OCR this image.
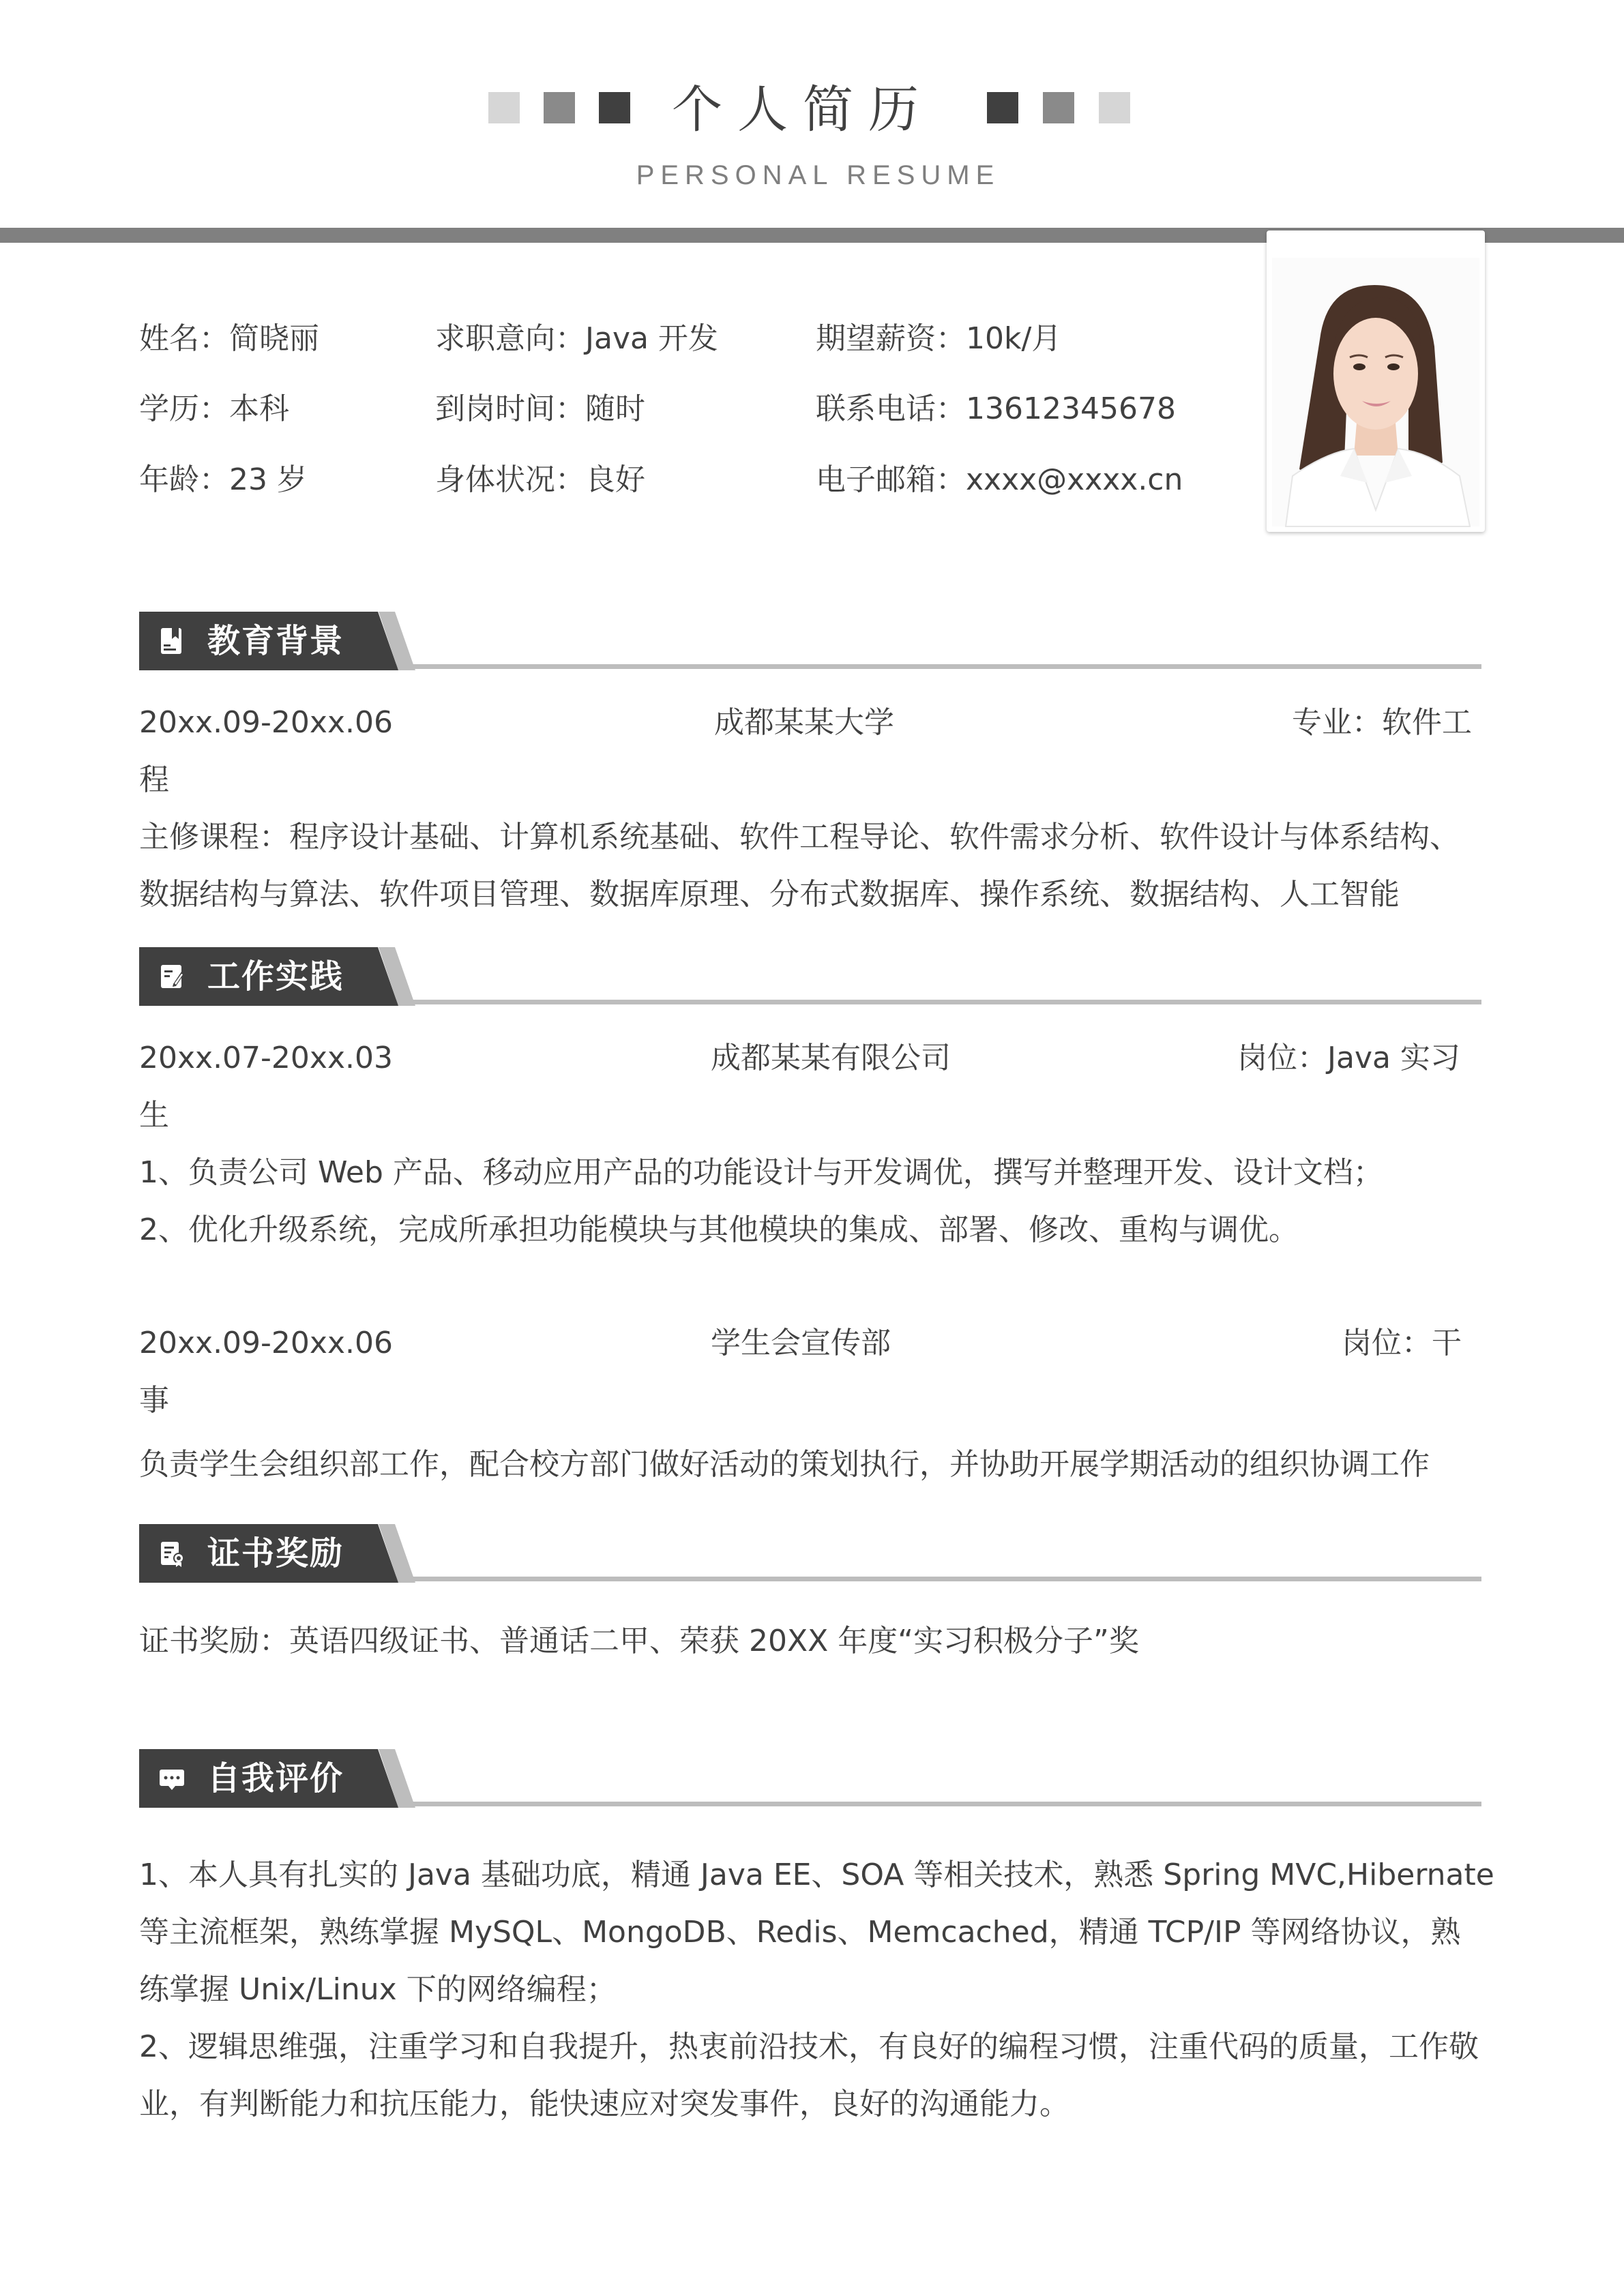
个人简历
PERSONAL RESUME
姓名：简晓丽	求职意向：Java 开发	期望薪资：10k/月
学历：本科	到岗时间：随时	联系电话：13612345678
年龄：23 岁	身体状况：良好	电子邮箱：xxxx@xxxx.cn
教育背景
20xx.09-20xx.06	成都某某大学	专业：软件工
程
主修课程：程序设计基础、计算机系统基础、软件工程导论、软件需求分析、软件设计与体系结构、
数据结构与算法、软件项目管理、数据库原理、分布式数据库、操作系统、数据结构、人工智能
工作实践
20xx.07-20xx.03	成都某某有限公司	岗位：Java 实习
生
1、负责公司 Web 产品、移动应用产品的功能设计与开发调优，撰写并整理开发、设计文档；
2、优化升级系统，完成所承担功能模块与其他模块的集成、部署、修改、重构与调优。
20xx.09-20xx.06	学生会宣传部	岗位：干
事
负责学生会组织部工作，配合校方部门做好活动的策划执行，并协助开展学期活动的组织协调工作
证书奖励
证书奖励：英语四级证书、普通话二甲、荣获 20XX 年度“实习积极分子”奖
自我评价
1、本人具有扎实的 Java 基础功底，精通 Java EE、SOA 等相关技术，熟悉 Spring MVC,Hibernate
等主流框架，熟练掌握 MySQL、MongoDB、Redis、Memcached，精通 TCP/IP 等网络协议，熟
练掌握 Unix/Linux 下的网络编程；
2、逻辑思维强，注重学习和自我提升，热衷前沿技术，有良好的编程习惯，注重代码的质量，工作敬
业，有判断能力和抗压能力，能快速应对突发事件，良好的沟通能力。
